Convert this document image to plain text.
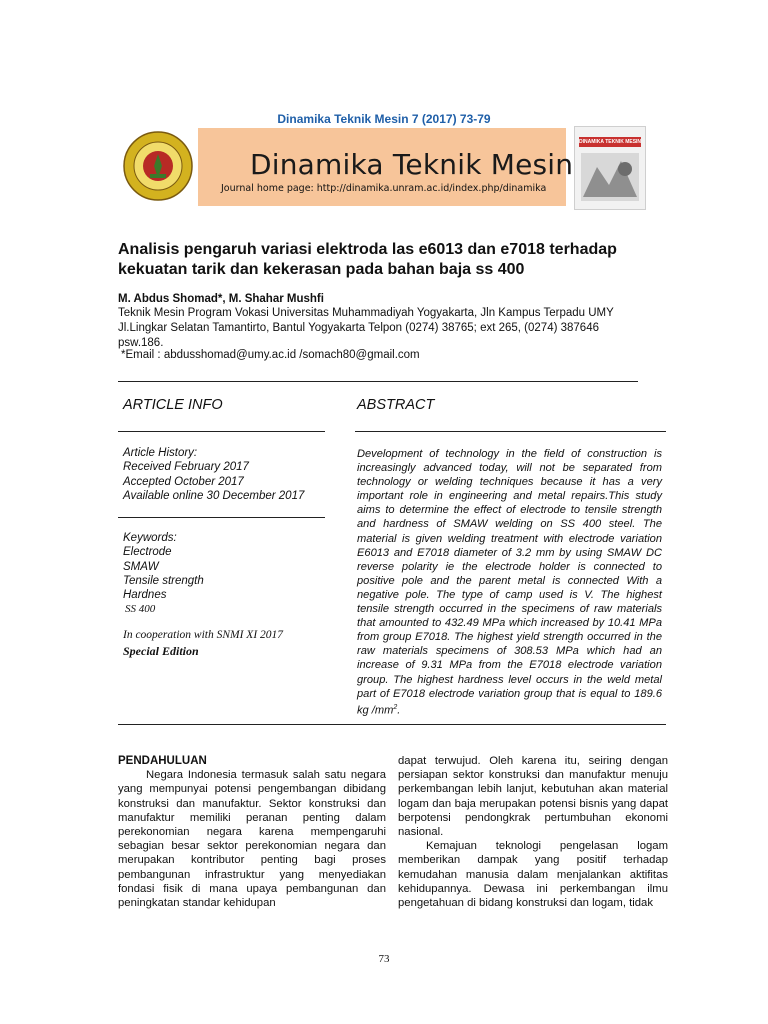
Dinamika Teknik Mesin 7 (2017) 73-79
Dinamika Teknik Mesin
Journal home page: http://dinamika.unram.ac.id/index.php/dinamika
DINAMIKA TEKNIK MESIN
Analisis pengaruh variasi elektroda las e6013 dan e7018 terhadap
kekuatan tarik dan kekerasan pada bahan baja ss 400
M. Abdus Shomad*, M. Shahar Mushfi
Teknik Mesin Program Vokasi Universitas Muhammadiyah Yogyakarta, Jln Kampus Terpadu UMY
Jl.Lingkar Selatan Tamantirto, Bantul Yogyakarta Telpon (0274) 38765; ext 265, (0274) 387646
psw.186.
*Email : abdusshomad@umy.ac.id /somach80@gmail.com
ARTICLE INFO	ABSTRACT
Article History:
Received February 2017
Accepted October 2017
Available online 30 December 2017
Keywords:
Electrode
SMAW
Tensile strength
Hardnes
SS 400
In cooperation with SNMI XI 2017
Special Edition
Development of technology in the field of construction is increasingly advanced today, will not be separated from technology or welding techniques because it has a very important role in engineering and metal repairs.This study aims to determine the effect of electrode to tensile strength and hardness of SMAW welding on SS 400 steel. The material is given welding treatment with electrode variation E6013 and E7018 diameter of 3.2 mm by using SMAW DC reverse polarity ie the electrode holder is connected to positive pole and the parent metal is connected With a negative pole. The type of camp used is V. The highest tensile strength occurred in the specimens of raw materials that amounted to 432.49 MPa which increased by 10.41 MPa from group E7018. The highest yield strength occurred in the raw materials specimens of 308.53 MPa which had an increase of 9.31 MPa from the E7018 electrode variation group. The highest hardness level occurs in the weld metal part of E7018 electrode variation group that is equal to 189.6 kg $/mm^2$.

PENDAHULUAN

Negara Indonesia termasuk salah satu negara yang mempunyai potensi pengembangan dibidang konstruksi dan manufaktur. Sektor konstruksi dan manufaktur memiliki peranan penting dalam perekonomian negara karena mempengaruhi sebagian besar sektor perekonomian negara dan merupakan kontributor penting bagi proses pembangunan infrastruktur yang menyediakan fondasi fisik di mana upaya pembangunan dan peningkatan standar kehidupan

dapat terwujud. Oleh karena itu, seiring dengan persiapan sektor konstruksi dan manufaktur menuju perkembangan lebih lanjut, kebutuhan akan material logam dan baja merupakan potensi bisnis yang dapat berpotensi pendongkrak pertumbuhan ekonomi nasional.

Kemajuan teknologi pengelasan logam memberikan dampak yang positif terhadap kemudahan manusia dalam menjalankan aktifitas kehidupannya. Dewasa ini perkembangan ilmu pengetahuan di bidang konstruksi dan logam, tidak

73
